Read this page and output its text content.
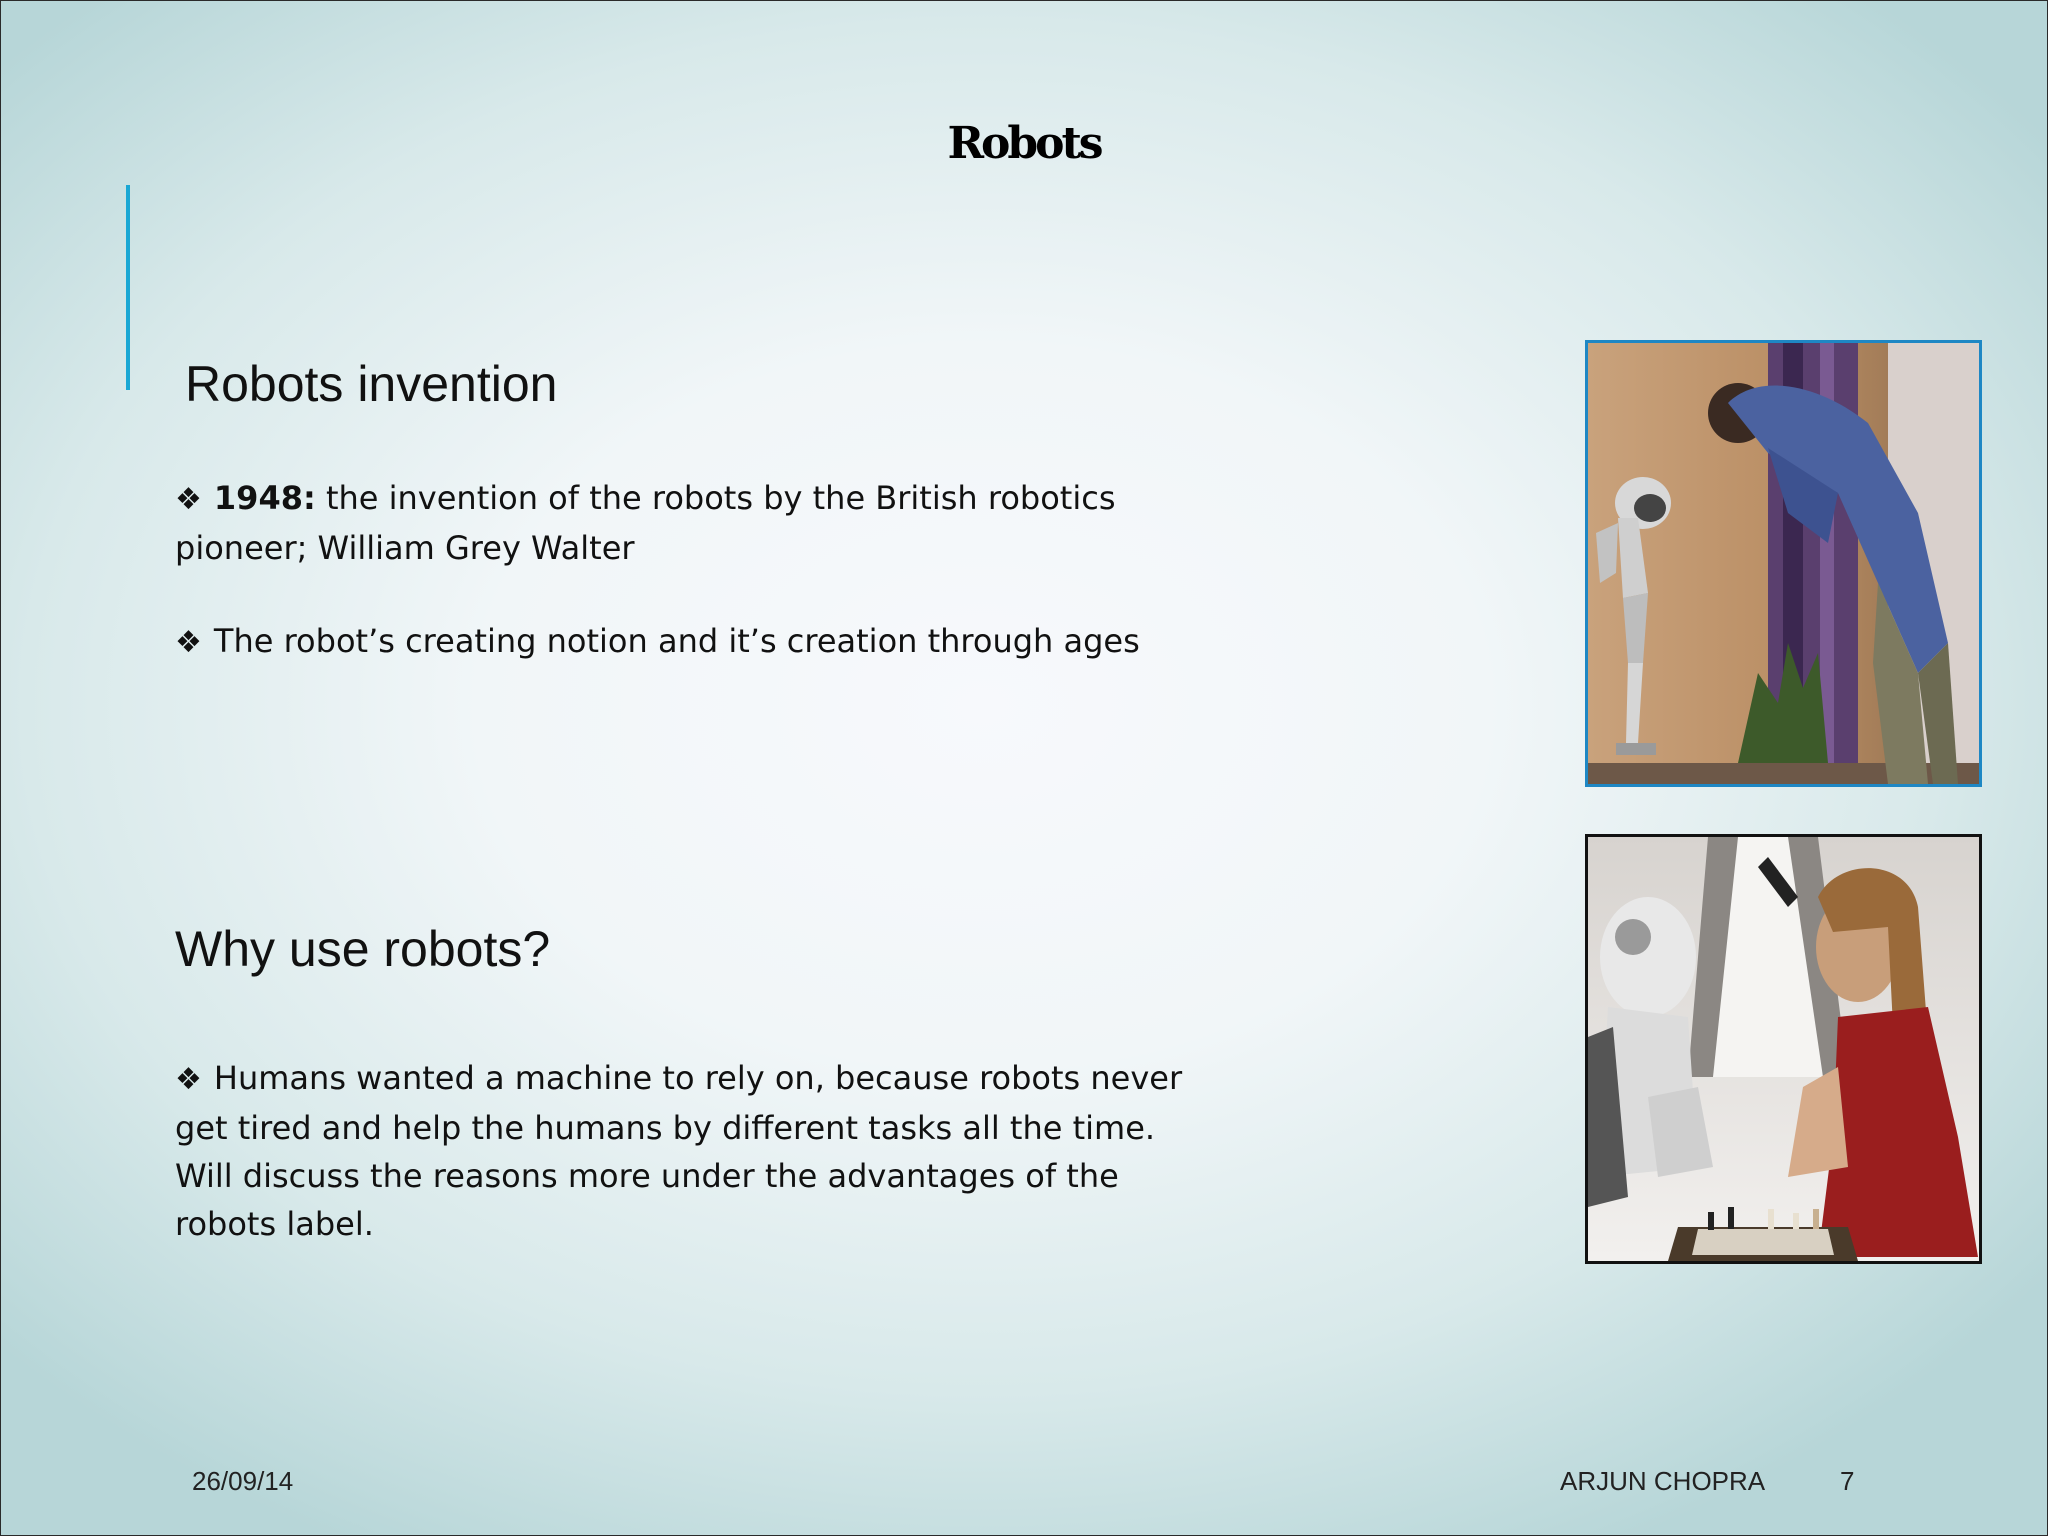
Robots
Robots invention
❖ 1948: the invention of the robots by the British robotics pioneer; William Grey Walter
❖ The robot’s creating notion and it’s creation through ages
Why use robots?
❖ Humans wanted a machine to rely on, because robots never get tired and help the humans by different tasks all the time. Will discuss the reasons more under the advantages of the robots label.
26/09/14	ARJUN CHOPRA	7
